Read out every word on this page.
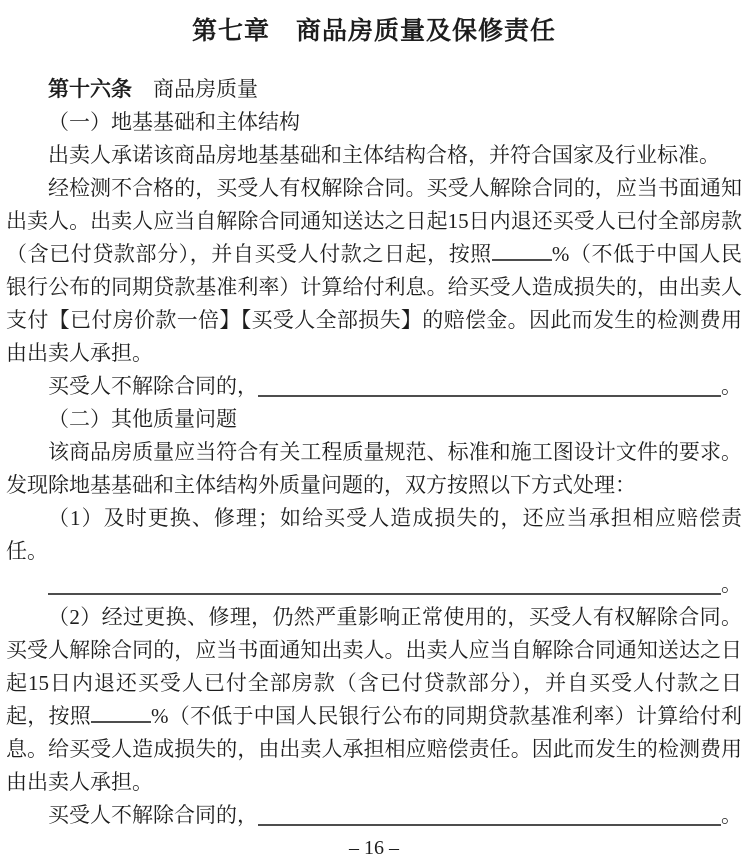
第七章　商品房质量及保修责任

第十六条　商品房质量

（一）地基基础和主体结构

出卖人承诺该商品房地基基础和主体结构合格，并符合国家及行业标准。

经检测不合格的，买受人有权解除合同。买受人解除合同的，应当书面通知出卖人。出卖人应当自解除合同通知送达之日起15日内退还买受人已付全部房款（含已付贷款部分），并自买受人付款之日起，按照	%（不低于中国人民银行公布的同期贷款基准利率）计算给付利息。给买受人造成损失的，由出卖人支付【已付房价款一倍】【买受人全部损失】的赔偿金。因此而发生的检测费用由出卖人承担。

买受人不解除合同的，	。

（二）其他质量问题

该商品房质量应当符合有关工程质量规范、标准和施工图设计文件的要求。发现除地基基础和主体结构外质量问题的，双方按照以下方式处理：

（1）及时更换、修理；如给买受人造成损失的，还应当承担相应赔偿责任。

。

（2）经过更换、修理，仍然严重影响正常使用的，买受人有权解除合同。买受人解除合同的，应当书面通知出卖人。出卖人应当自解除合同通知送达之日起15日内退还买受人已付全部房款（含已付贷款部分），并自买受人付款之日起，按照	%（不低于中国人民银行公布的同期贷款基准利率）计算给付利息。给买受人造成损失的，由出卖人承担相应赔偿责任。因此而发生的检测费用由出卖人承担。

买受人不解除合同的，	。

– 16 –
